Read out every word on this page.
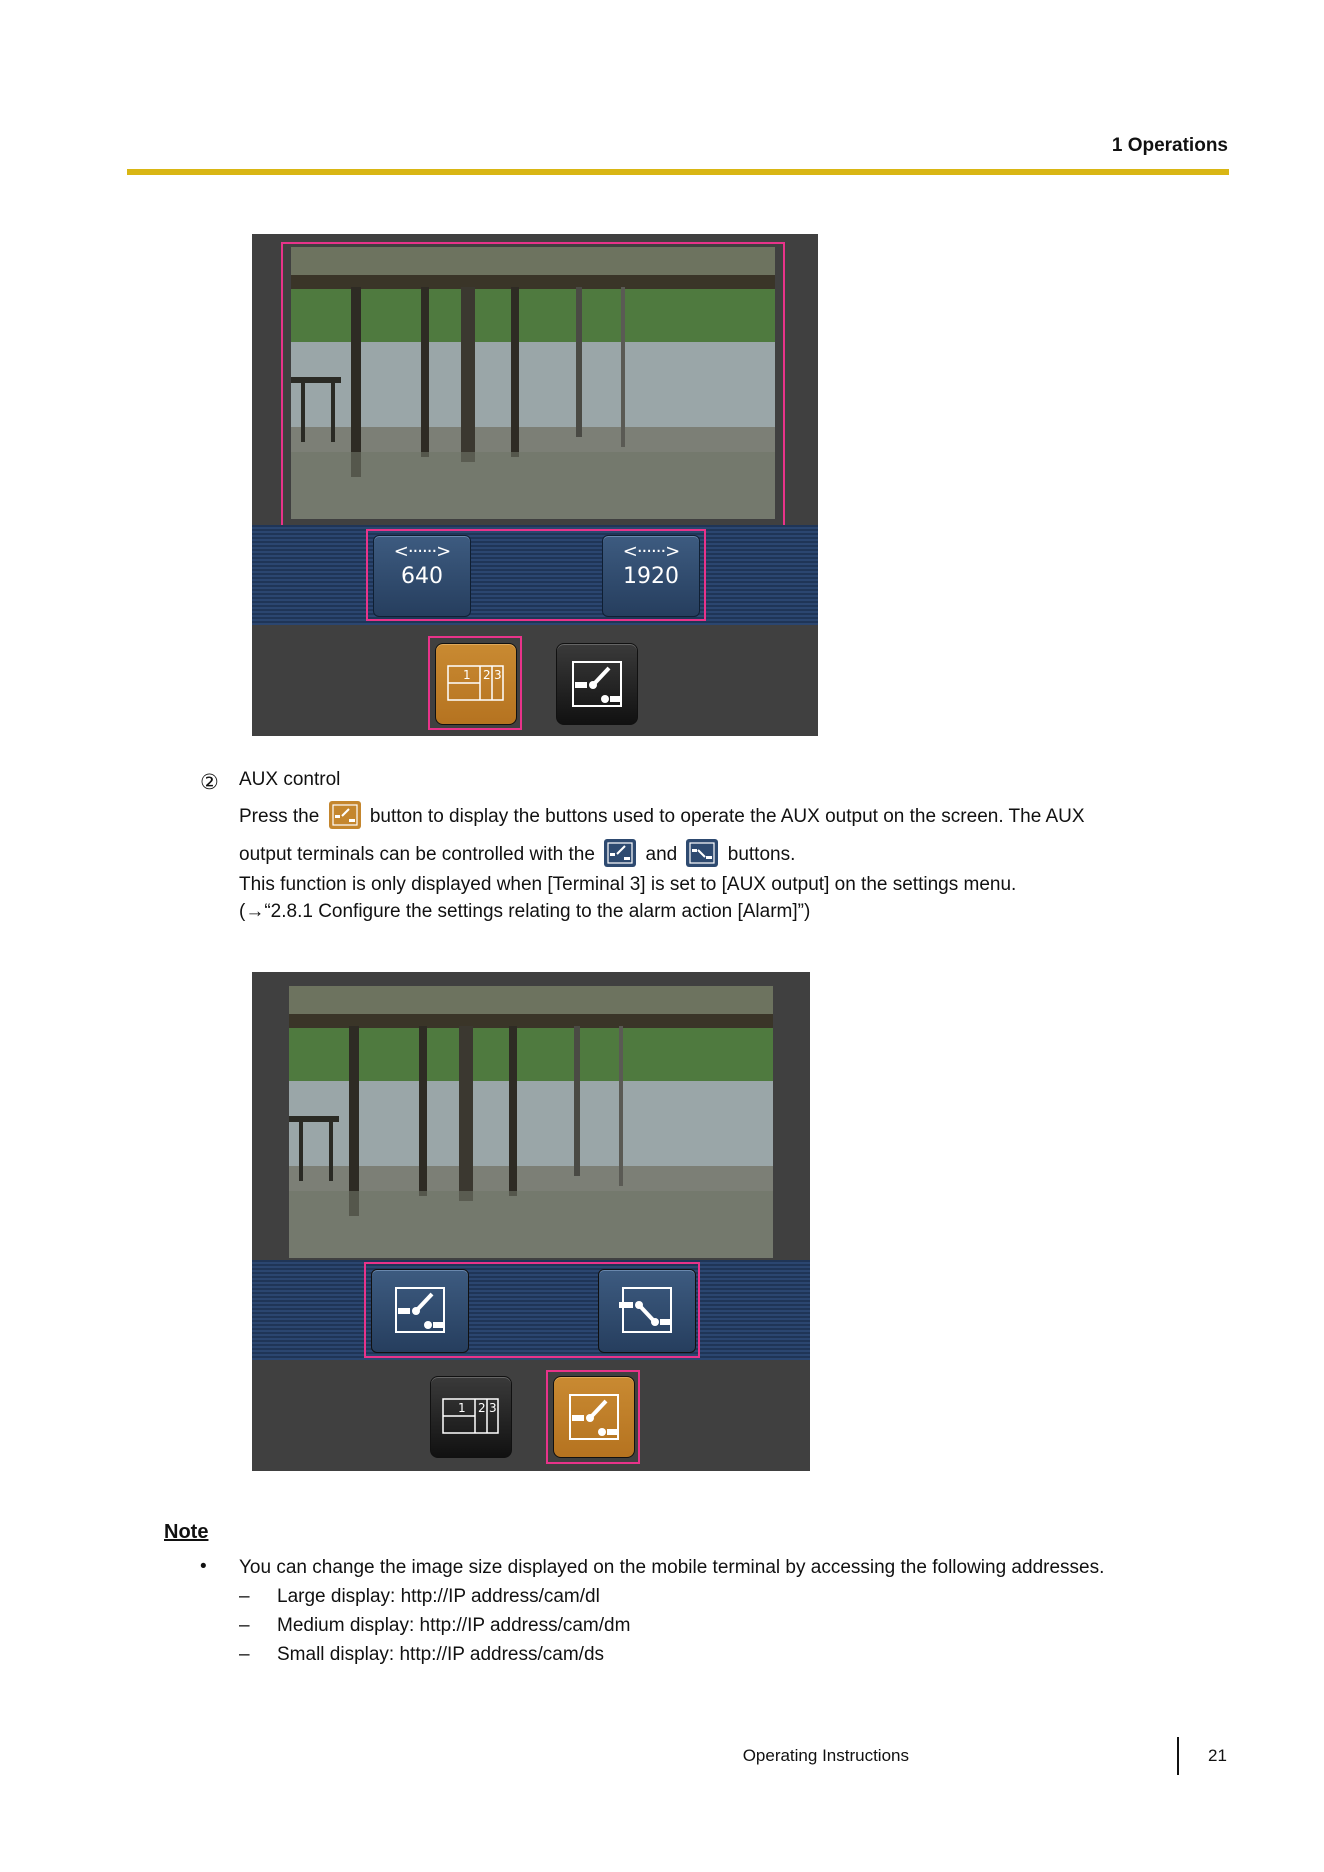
1 Operations
<······>
640
<······>
1920
1 2 3
② AUX control
Press the	button to display the buttons used to operate the AUX output on the screen. The AUX
output terminals can be controlled with the	and	buttons.
This function is only displayed when [Terminal 3] is set to [AUX output] on the settings menu.
(→“2.8.1 Configure the settings relating to the alarm action [Alarm]”)
1 2 3
Note
• You can change the image size displayed on the mobile terminal by accessing the following addresses.
– Large display: http://IP address/cam/dl
– Medium display: http://IP address/cam/dm
– Small display: http://IP address/cam/ds
Operating Instructions	21
